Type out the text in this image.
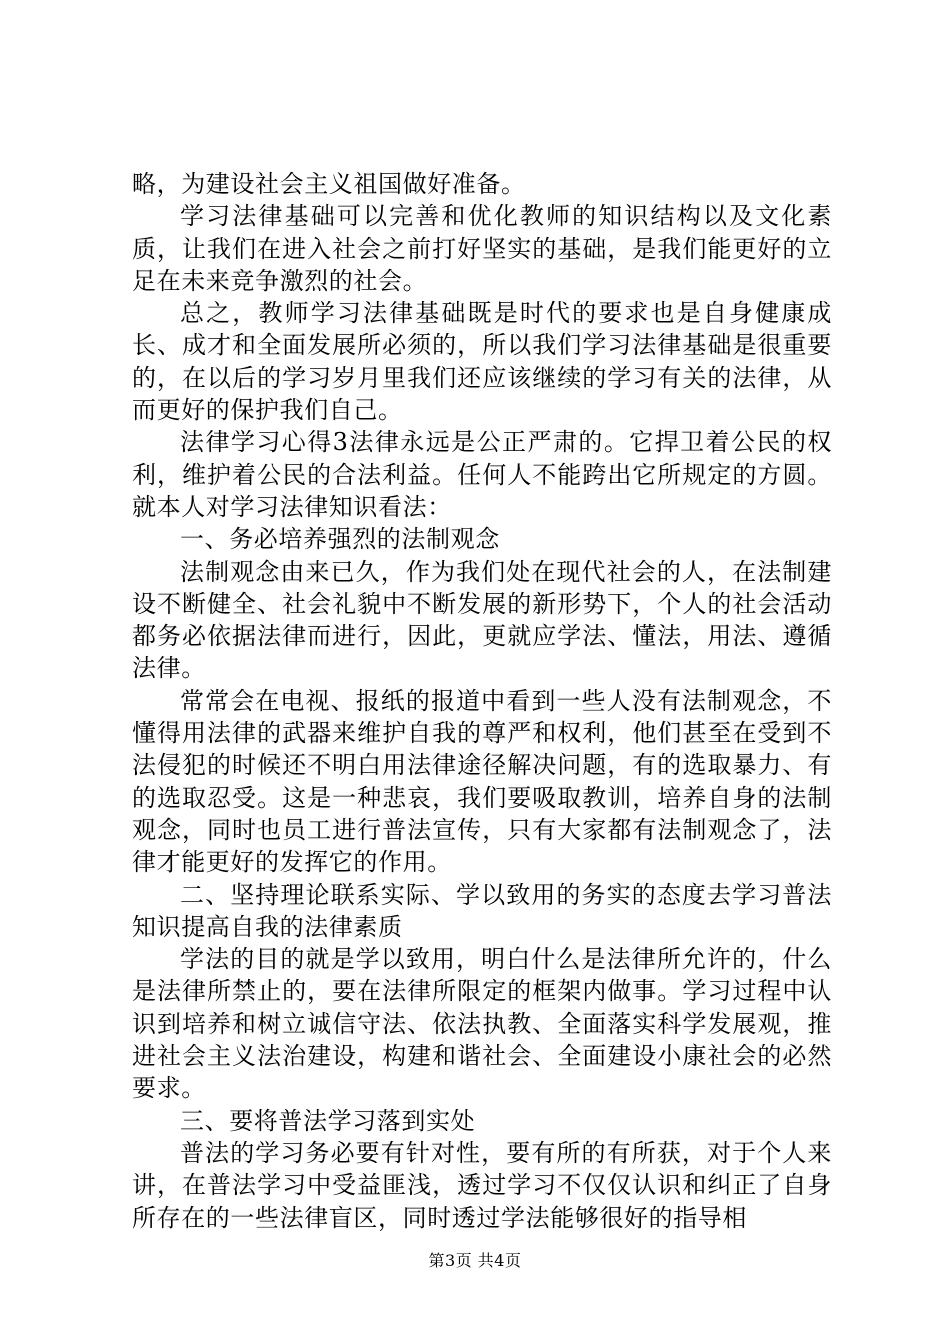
略，为建设社会主义祖国做好准备。

学习法律基础可以完善和优化教师的知识结构以及文化素质，让我们在进入社会之前打好坚实的基础，是我们能更好的立足在未来竞争激烈的社会。

总之，教师学习法律基础既是时代的要求也是自身健康成长、成才和全面发展所必须的，所以我们学习法律基础是很重要的，在以后的学习岁月里我们还应该继续的学习有关的法律，从而更好的保护我们自己。

法律学习心得3法律永远是公正严肃的。它捍卫着公民的权利，维护着公民的合法利益。任何人不能跨出它所规定的方圆。就本人对学习法律知识看法：

一、务必培养强烈的法制观念

法制观念由来已久，作为我们处在现代社会的人，在法制建设不断健全、社会礼貌中不断发展的新形势下，个人的社会活动都务必依据法律而进行，因此，更就应学法、懂法，用法、遵循法律。

常常会在电视、报纸的报道中看到一些人没有法制观念，不懂得用法律的武器来维护自我的尊严和权利，他们甚至在受到不法侵犯的时候还不明白用法律途径解决问题，有的选取暴力、有的选取忍受。这是一种悲哀，我们要吸取教训，培养自身的法制观念，同时也员工进行普法宣传，只有大家都有法制观念了，法律才能更好的发挥它的作用。

二、坚持理论联系实际、学以致用的务实的态度去学习普法知识提高自我的法律素质

学法的目的就是学以致用，明白什么是法律所允许的，什么是法律所禁止的，要在法律所限定的框架内做事。学习过程中认识到培养和树立诚信守法、依法执教、全面落实科学发展观，推进社会主义法治建设，构建和谐社会、全面建设小康社会的必然要求。

三、要将普法学习落到实处

普法的学习务必要有针对性，要有所的有所获，对于个人来讲，在普法学习中受益匪浅，透过学习不仅仅认识和纠正了自身所存在的一些法律盲区，同时透过学法能够很好的指导相

第3页 共4页
